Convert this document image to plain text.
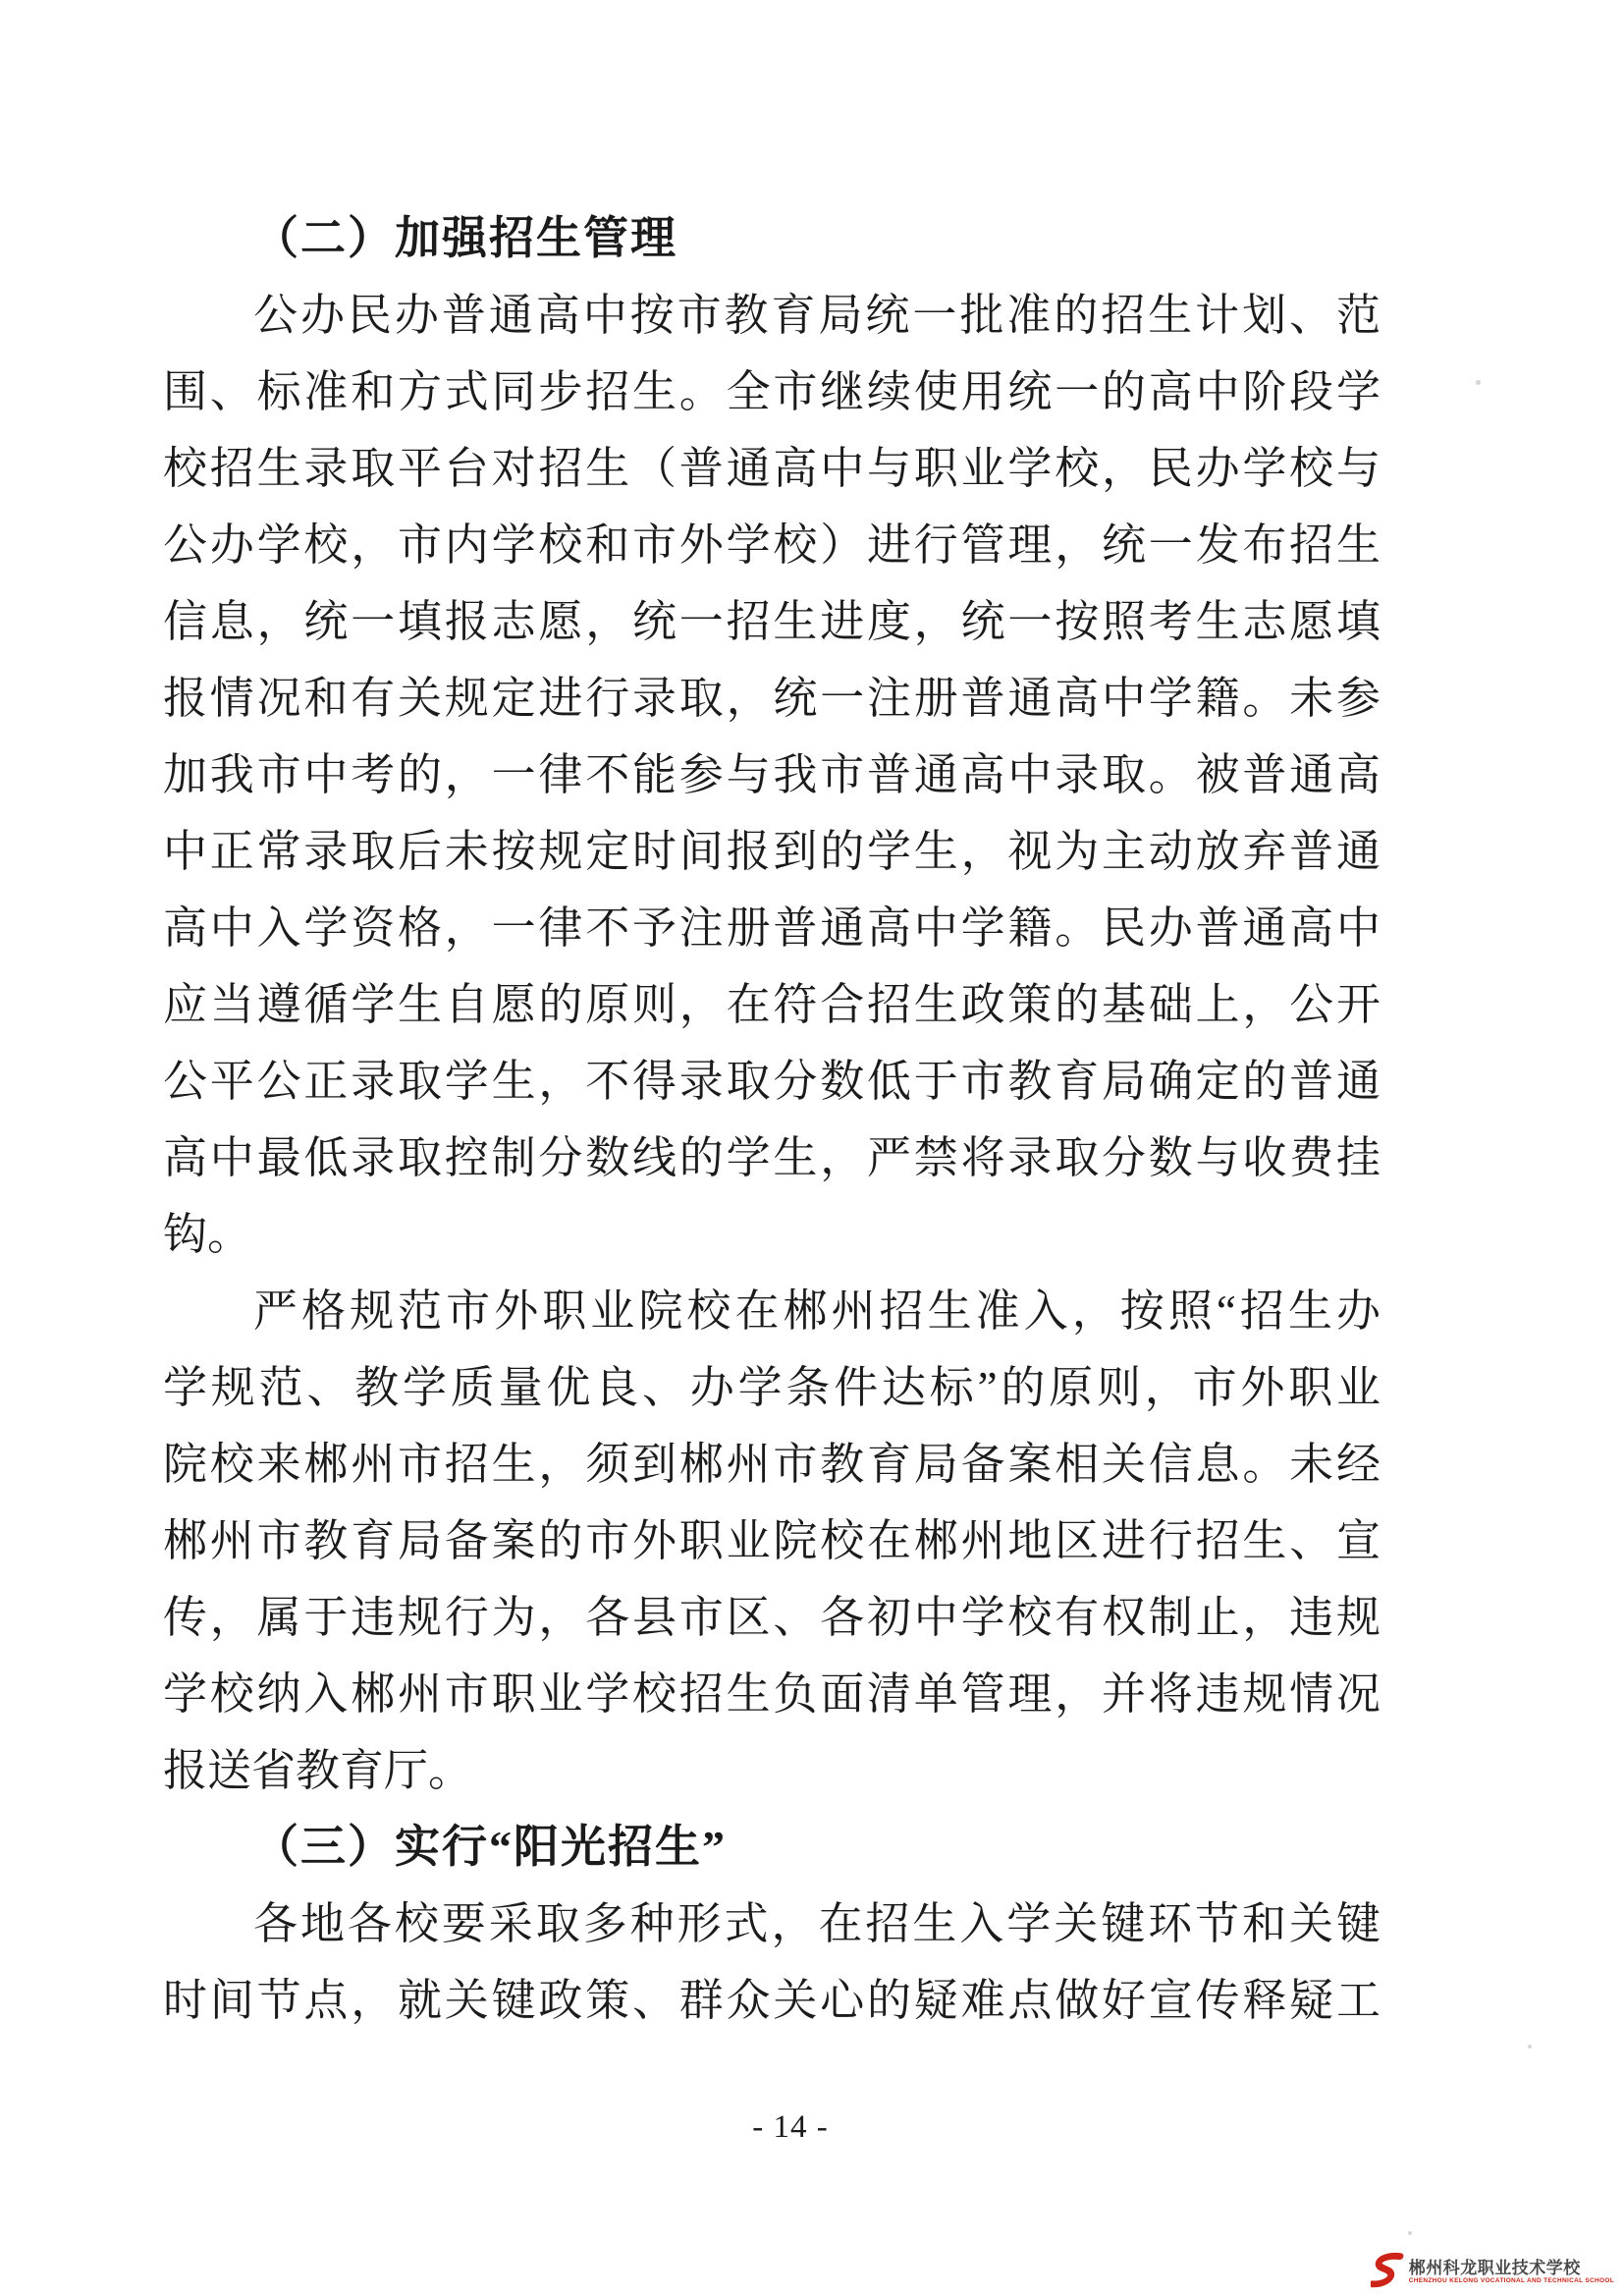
（二）加强招生管理
公办民办普通高中按市教育局统一批准的招生计划、范
围、标准和方式同步招生。全市继续使用统一的高中阶段学
校招生录取平台对招生（普通高中与职业学校，民办学校与
公办学校，市内学校和市外学校）进行管理，统一发布招生
信息，统一填报志愿，统一招生进度，统一按照考生志愿填
报情况和有关规定进行录取，统一注册普通高中学籍。未参
加我市中考的，一律不能参与我市普通高中录取。被普通高
中正常录取后未按规定时间报到的学生，视为主动放弃普通
高中入学资格，一律不予注册普通高中学籍。民办普通高中
应当遵循学生自愿的原则，在符合招生政策的基础上，公开
公平公正录取学生，不得录取分数低于市教育局确定的普通
高中最低录取控制分数线的学生，严禁将录取分数与收费挂
钩。
严格规范市外职业院校在郴州招生准入，按照“招生办
学规范、教学质量优良、办学条件达标”的原则，市外职业
院校来郴州市招生，须到郴州市教育局备案相关信息。未经
郴州市教育局备案的市外职业院校在郴州地区进行招生、宣
传，属于违规行为，各县市区、各初中学校有权制止，违规
学校纳入郴州市职业学校招生负面清单管理，并将违规情况
报送省教育厅。
（三）实行“阳光招生”
各地各校要采取多种形式，在招生入学关键环节和关键
时间节点，就关键政策、群众关心的疑难点做好宣传释疑工
- 14 -
郴州科龙职业技术学校
CHENZHOU KELONG VOCATIONAL AND TECHNICAL SCHOOL
